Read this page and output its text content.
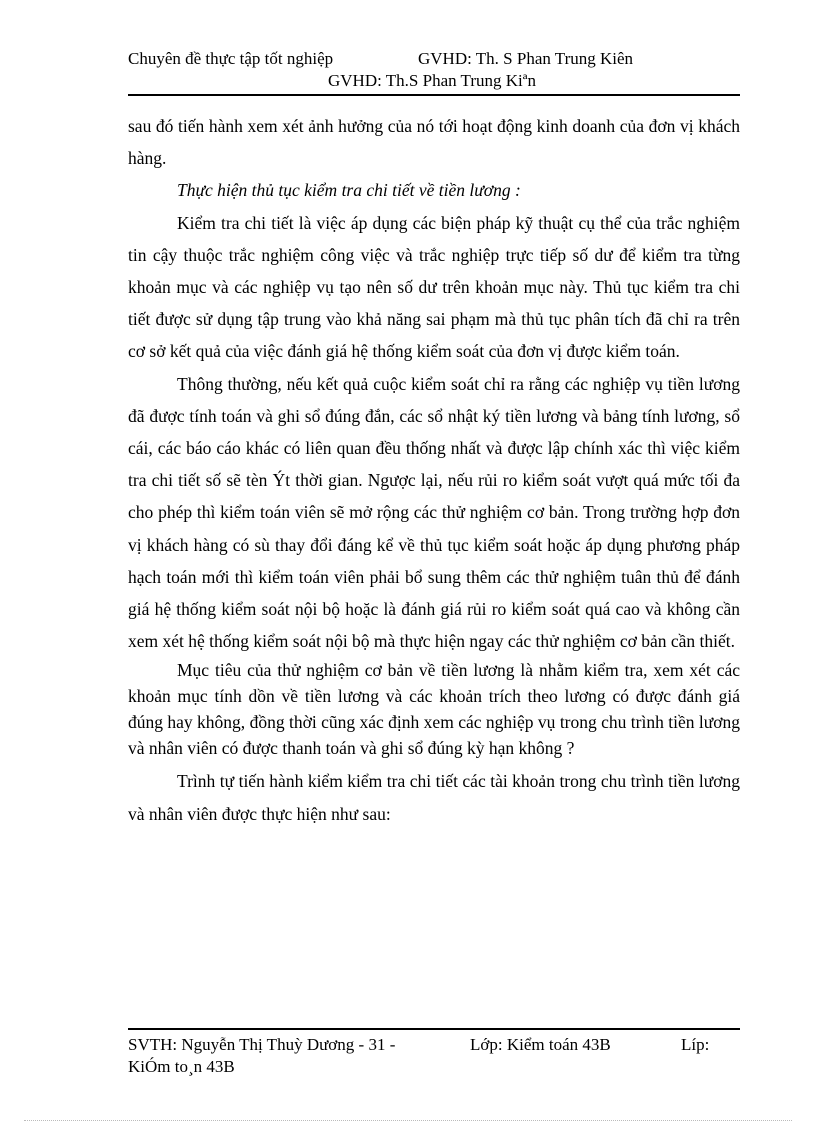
Chuyên đề thực tập tốt nghiệp	GVHD: Th. S Phan Trung Kiên
GVHD: Th.S Phan Trung Kiªn

sau đó tiến hành xem xét ảnh hưởng của nó tới hoạt động kinh doanh của đơn vị khách hàng.

Thực hiện thủ tục kiểm tra chi tiết về tiền lương :

Kiểm tra chi tiết là việc áp dụng các biện pháp kỹ thuật cụ thể của trắc nghiệm tin cậy thuộc trắc nghiệm công việc và trắc nghiệp trực tiếp số dư để kiểm tra từng khoản mục và các nghiệp vụ tạo nên số dư trên khoản mục này. Thủ tục kiểm tra chi tiết được sử dụng tập trung vào khả năng sai phạm mà thủ tục phân tích đã chỉ ra trên cơ sở kết quả của việc đánh giá hệ thống kiểm soát của đơn vị được kiểm toán.

Thông thường, nếu kết quả cuộc kiểm soát chỉ ra rằng các nghiệp vụ tiền lương đã được tính toán và ghi sổ đúng đắn, các sổ nhật ký tiền lương và bảng tính lương, sổ cái, các báo cáo khác có liên quan đều thống nhất và được lập chính xác thì việc kiểm tra chi tiết số sẽ tèn Ýt thời gian. Ngược lại, nếu rủi ro kiểm soát vượt quá mức tối đa cho phép thì kiểm toán viên sẽ mở rộng các thử nghiệm cơ bản. Trong trường hợp đơn vị khách hàng có sù thay đổi đáng kể về thủ tục kiểm soát hoặc áp dụng phương pháp hạch toán mới thì kiểm toán viên phải bổ sung thêm các thử nghiệm tuân thủ để đánh giá hệ thống kiểm soát nội bộ hoặc là đánh giá rủi ro kiểm soát quá cao và không cần xem xét hệ thống kiểm soát nội bộ mà thực hiện ngay các thử nghiệm cơ bản cần thiết.

Mục tiêu của thử nghiệm cơ bản về tiền lương là nhằm kiểm tra, xem xét các khoản mục tính dồn về tiền lương và các khoản trích theo lương có được đánh giá đúng hay không, đồng thời cũng xác định xem các nghiệp vụ trong chu trình tiền lương và nhân viên có được thanh toán và ghi sổ đúng kỳ hạn không ?

Trình tự tiến hành kiểm kiểm tra chi tiết các tài khoản trong chu trình tiền lương và nhân viên được thực hiện như sau:

SVTH: Nguyễn Thị Thuỳ Dương - 31 -	Lớp: Kiểm toán 43B	Líp:
KiÓm to¸n 43B
